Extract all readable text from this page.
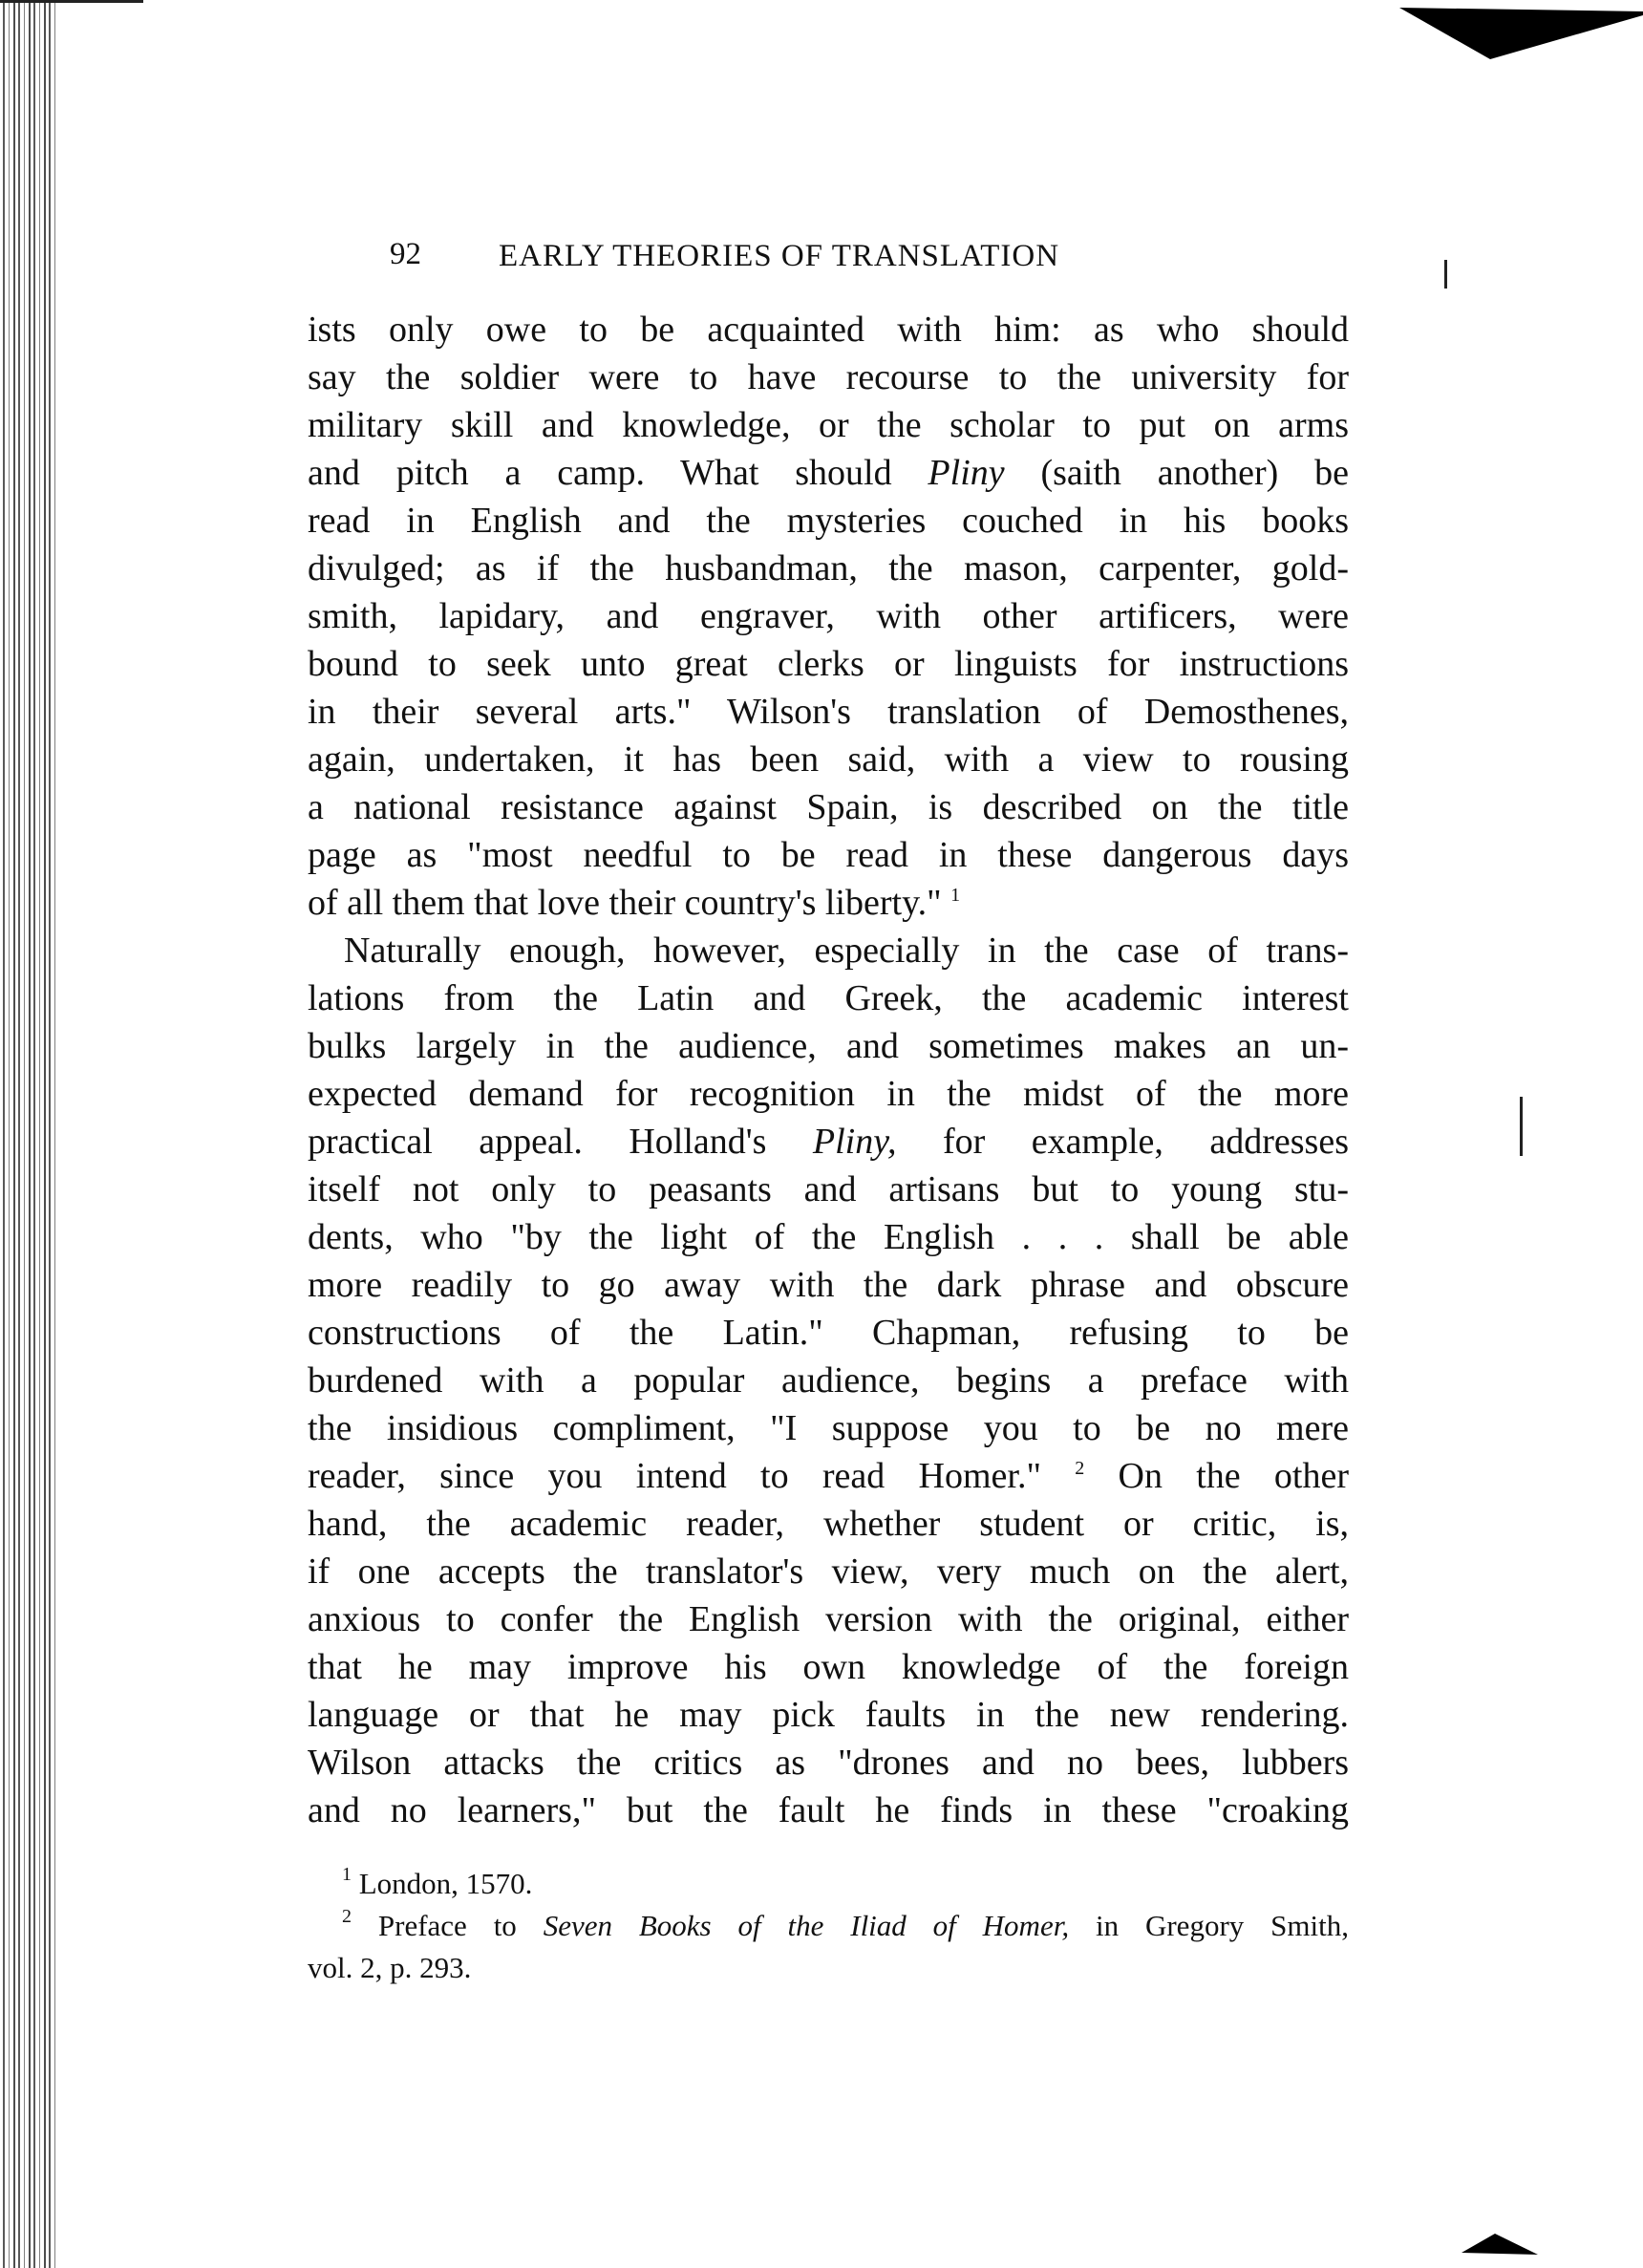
92 EARLY THEORIES OF TRANSLATION
ists only owe to be acquainted with him: as who should
say the soldier were to have recourse to the university for
military skill and knowledge, or the scholar to put on arms
and pitch a camp. What should Pliny (saith another) be
read in English and the mysteries couched in his books
divulged; as if the husbandman, the mason, carpenter, gold-
smith, lapidary, and engraver, with other artificers, were
bound to seek unto great clerks or linguists for instructions
in their several arts." Wilson's translation of Demosthenes,
again, undertaken, it has been said, with a view to rousing
a national resistance against Spain, is described on the title
page as "most needful to be read in these dangerous days
of all them that love their country's liberty." $^1$
 Naturally enough, however, especially in the case of trans-
lations from the Latin and Greek, the academic interest
bulks largely in the audience, and sometimes makes an un-
expected demand for recognition in the midst of the more
practical appeal. Holland's Pliny, for example, addresses
itself not only to peasants and artisans but to young stu-
dents, who "by the light of the English . . . shall be able
more readily to go away with the dark phrase and obscure
constructions of the Latin." Chapman, refusing to be
burdened with a popular audience, begins a preface with
the insidious compliment, "I suppose you to be no mere
reader, since you intend to read Homer." $^2$ On the other
hand, the academic reader, whether student or critic, is,
if one accepts the translator's view, very much on the alert,
anxious to confer the English version with the original, either
that he may improve his own knowledge of the foreign
language or that he may pick faults in the new rendering.
Wilson attacks the critics as "drones and no bees, lubbers
and no learners," but the fault he finds in these "croaking
$^1$ London, 1570.
$^2$ Preface to Seven Books of the Iliad of Homer, in Gregory Smith,
vol. 2, p. 293.
